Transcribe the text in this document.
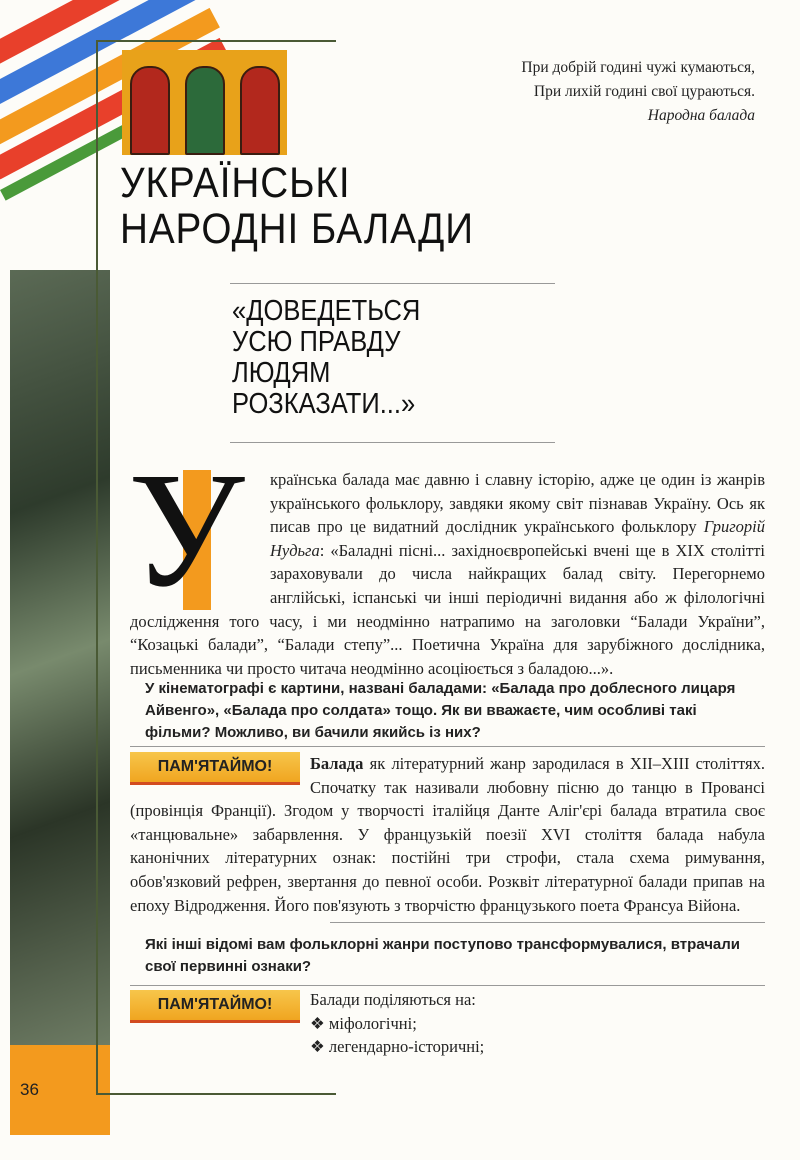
36
При добрій годині чужі кумаються,
При лихій годині свої цураються.
Народна балада
УКРАЇНСЬКІ
НАРОДНІ БАЛАДИ
«ДОВЕДЕТЬСЯ
УСЮ ПРАВДУ
ЛЮДЯМ
РОЗКАЗАТИ...»
У	країнська балада має давню і славну історію, адже це один із жанрів українського фольклору, завдяки якому світ пізнавав Україну. Ось як писав про це видатний дослідник українського фольклору Григорій Нудьга: «Баладні пісні... західноєвропейські вчені ще в XIX столітті зараховували до числа найкращих балад світу. Перегорнемо англійські, іспанські чи інші періодичні видання або ж філологічні дослідження того часу, і ми неодмінно натрапимо на заголовки “Балади України”, “Козацькі балади”, “Балади степу”... Поетична Україна для зарубіжного дослідника, письменника чи просто читача неодмінно асоціюється з баладою...».
У кінематографі є картини, названі баладами: «Балада про доблесного лицаря Айвенго», «Балада про солдата» тощо. Як ви вважаєте, чим особливі такі фільми? Можливо, ви бачили якийсь із них?
ПАМ'ЯТАЙМО!	Балада як літературний жанр зародилася в XII–XIII століттях. Спочатку так називали любовну пісню до танцю в Провансі (провінція Франції). Згодом у творчості італійця Данте Аліг'єрі балада втратила своє «танцювальне» забарвлення. У французькій поезії XVI століття балада набула канонічних літературних ознак: постійні три строфи, стала схема римування, обов'язковий рефрен, звертання до певної особи. Розквіт літературної балади припав на епоху Відродження. Його пов'язують з творчістю французького поета Франсуа Війона.
Які інші відомі вам фольклорні жанри поступово трансформувалися, втрачали свої первинні ознаки?
ПАМ'ЯТАЙМО!	Балади поділяються на:
❖ міфологічні;
❖ легендарно-історичні;
